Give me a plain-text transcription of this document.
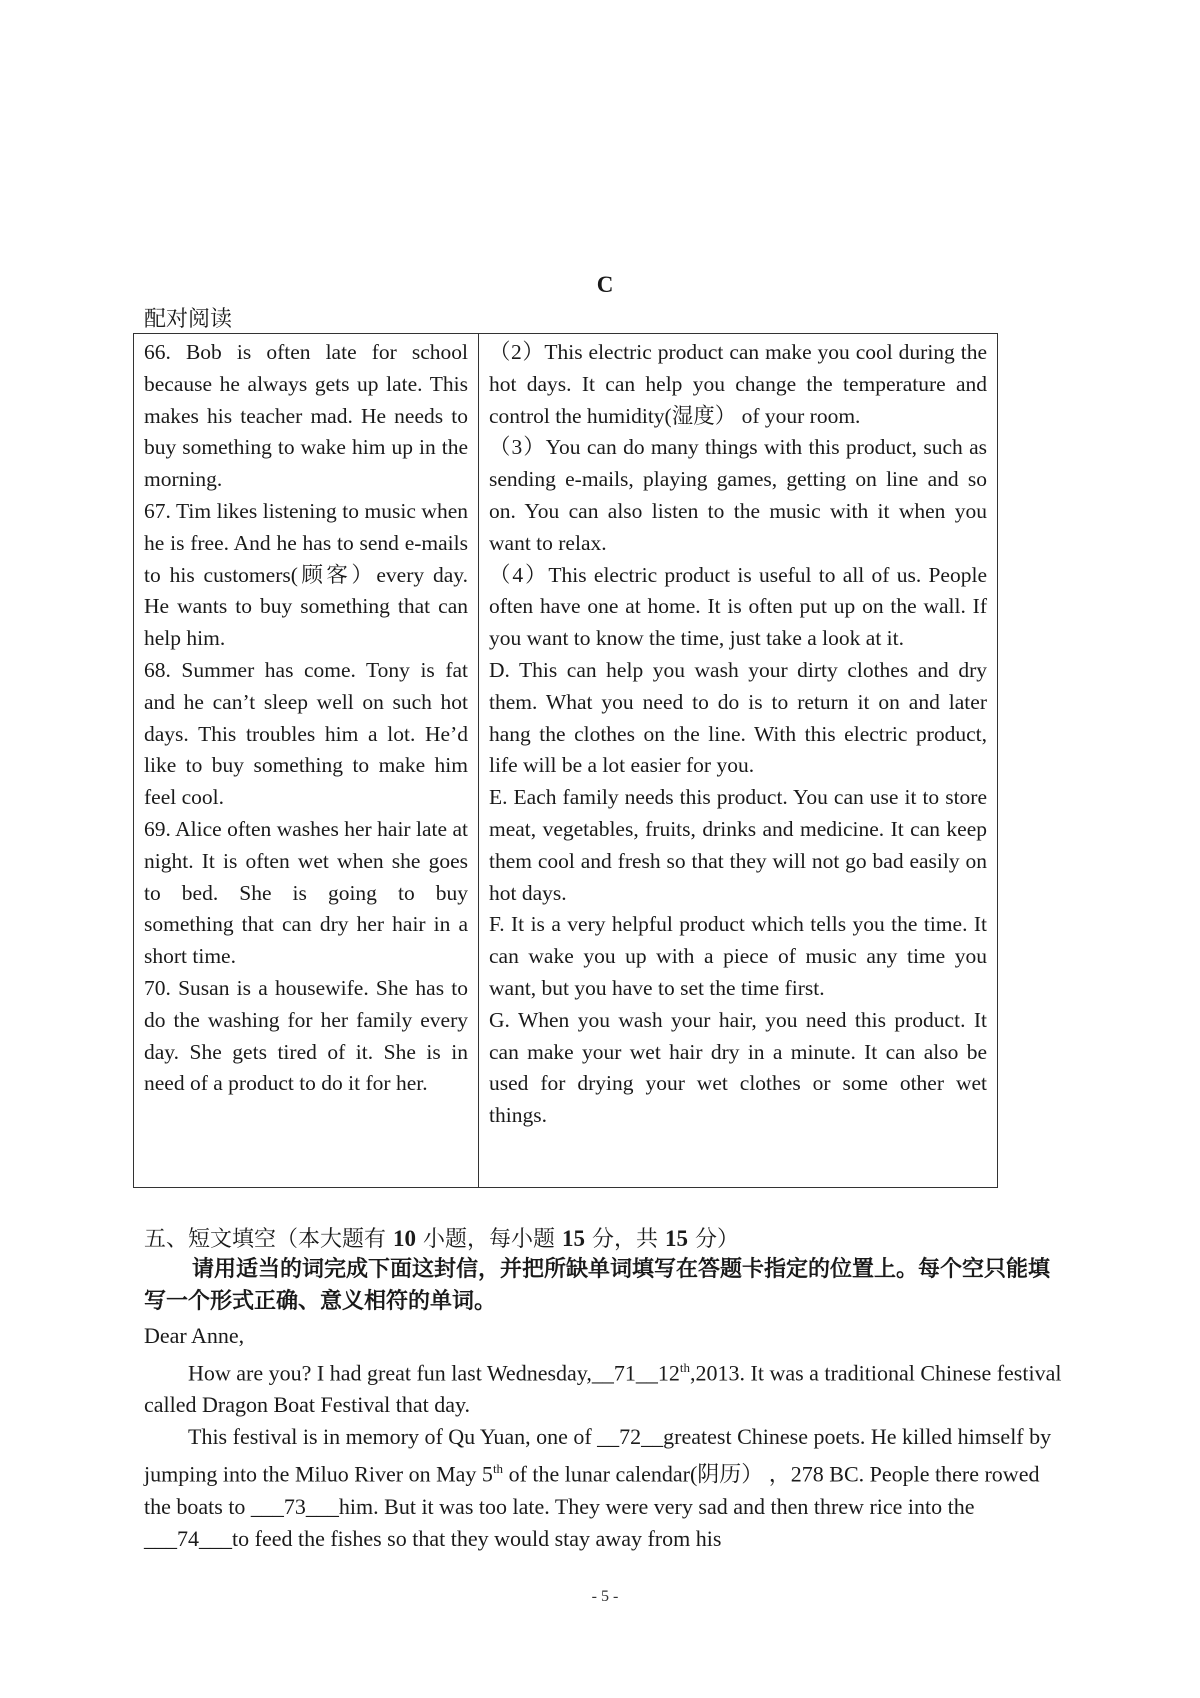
C
配对阅读

66. Bob is often late for school because he always gets up late. This makes his teacher mad. He needs to buy something to wake him up in the morning.

67. Tim likes listening to music when he is free. And he has to send e-mails to his customers(顾客）every day. He wants to buy something that can help him.

68. Summer has come. Tony is fat and he can’t sleep well on such hot days. This troubles him a lot. He’d like to buy something to make him feel cool.

69. Alice often washes her hair late at night. It is often wet when she goes to bed. She is going to buy something that can dry her hair in a short time.

70. Susan is a housewife. She has to do the washing for her family every day. She gets tired of it. She is in need of a product to do it for her.

（2）This electric product can make you cool during the hot days. It can help you change the temperature and control the humidity(湿度） of your room.

（3）You can do many things with this product, such as sending e-mails, playing games, getting on line and so on. You can also listen to the music with it when you want to relax.

（4）This electric product is useful to all of us. People often have one at home. It is often put up on the wall. If you want to know the time, just take a look at it.

D. This can help you wash your dirty clothes and dry them. What you need to do is to return it on and later hang the clothes on the line. With this electric product, life will be a lot easier for you.

E. Each family needs this product. You can use it to store meat, vegetables, fruits, drinks and medicine. It can keep them cool and fresh so that they will not go bad easily on hot days.

F. It is a very helpful product which tells you the time. It can wake you up with a piece of music any time you want, but you have to set the time first.

G. When you wash your hair, you need this product. It can make your wet hair dry in a minute. It can also be used for drying your wet clothes or some other wet things.

五、短文填空（本大题有 10 小题，每小题 15 分，共 15 分）
请用适当的词完成下面这封信，并把所缺单词填写在答题卡指定的位置上。每个空只能填写一个形式正确、意义相符的单词。

Dear Anne,

How are you? I had great fun last Wednesday,__71__12th,2013. It was a traditional Chinese festival called Dragon Boat Festival that day.

This festival is in memory of Qu Yuan, one of __72__greatest Chinese poets. He killed himself by jumping into the Miluo River on May 5th of the lunar calendar(阴历） ，278 BC. People there rowed the boats to ___73___him. But it was too late. They were very sad and then threw rice into the ___74___to feed the fishes so that they would stay away from his

- 5 -
